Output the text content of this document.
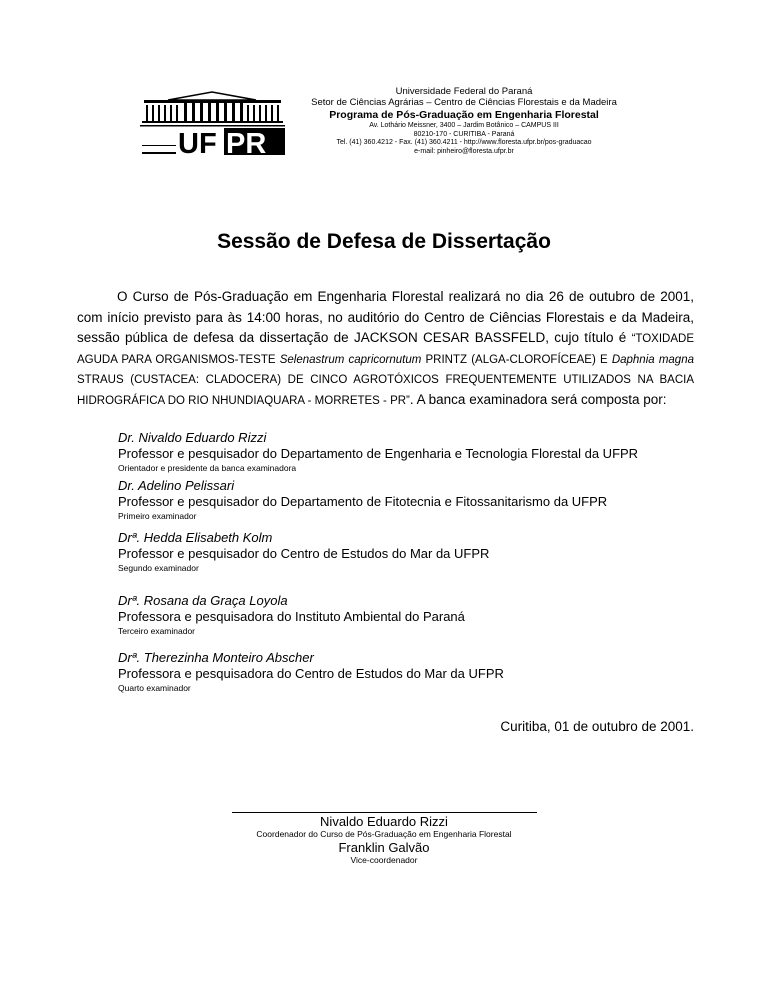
UF PR
Universidade Federal do Paraná
Setor de Ciências Agrárias – Centro de Ciências Florestais e da Madeira
Programa de Pós-Graduação em Engenharia Florestal
Av. Lothário Meissner, 3400 – Jardim Botânico – CAMPUS III
80210-170 - CURITIBA - Paraná
Tel. (41) 360.4212 - Fax. (41) 360.4211 - http://www.floresta.ufpr.br/pos-graduacao
e-mail: pinheiro@floresta.ufpr.br
Sessão de Defesa de Dissertação

O Curso de Pós-Graduação em Engenharia Florestal realizará no dia 26 de outubro de 2001, com início previsto para às 14:00 horas, no auditório do Centro de Ciências Florestais e da Madeira, sessão pública de defesa da dissertação de JACKSON CESAR BASSFELD, cujo título é “TOXIDADE AGUDA PARA ORGANISMOS-TESTE Selenastrum capricornutum PRINTZ (ALGA-CLOROFÍCEAE) E Daphnia magna STRAUS (CUSTACEA: CLADOCERA) DE CINCO AGROTÓXICOS FREQUENTEMENTE UTILIZADOS NA BACIA HIDROGRÁFICA DO RIO NHUNDIAQUARA - MORRETES - PR”. A banca examinadora será composta por:

Dr. Nivaldo Eduardo Rizzi
Professor e pesquisador do Departamento de Engenharia e Tecnologia Florestal da UFPR
Orientador e presidente da banca examinadora
Dr. Adelino Pelissari
Professor e pesquisador do Departamento de Fitotecnia e Fitossanitarismo da UFPR
Primeiro examinador
Drª. Hedda Elisabeth Kolm
Professor e pesquisador do Centro de Estudos do Mar da UFPR
Segundo examinador
Drª. Rosana da Graça Loyola
Professora e pesquisadora do Instituto Ambiental do Paraná
Terceiro examinador
Drª. Therezinha Monteiro Abscher
Professora e pesquisadora do Centro de Estudos do Mar da UFPR
Quarto examinador
Curitiba, 01 de outubro de 2001.
Nivaldo Eduardo Rizzi
Coordenador do Curso de Pós-Graduação em Engenharia Florestal
Franklin Galvão
Vice-coordenador
